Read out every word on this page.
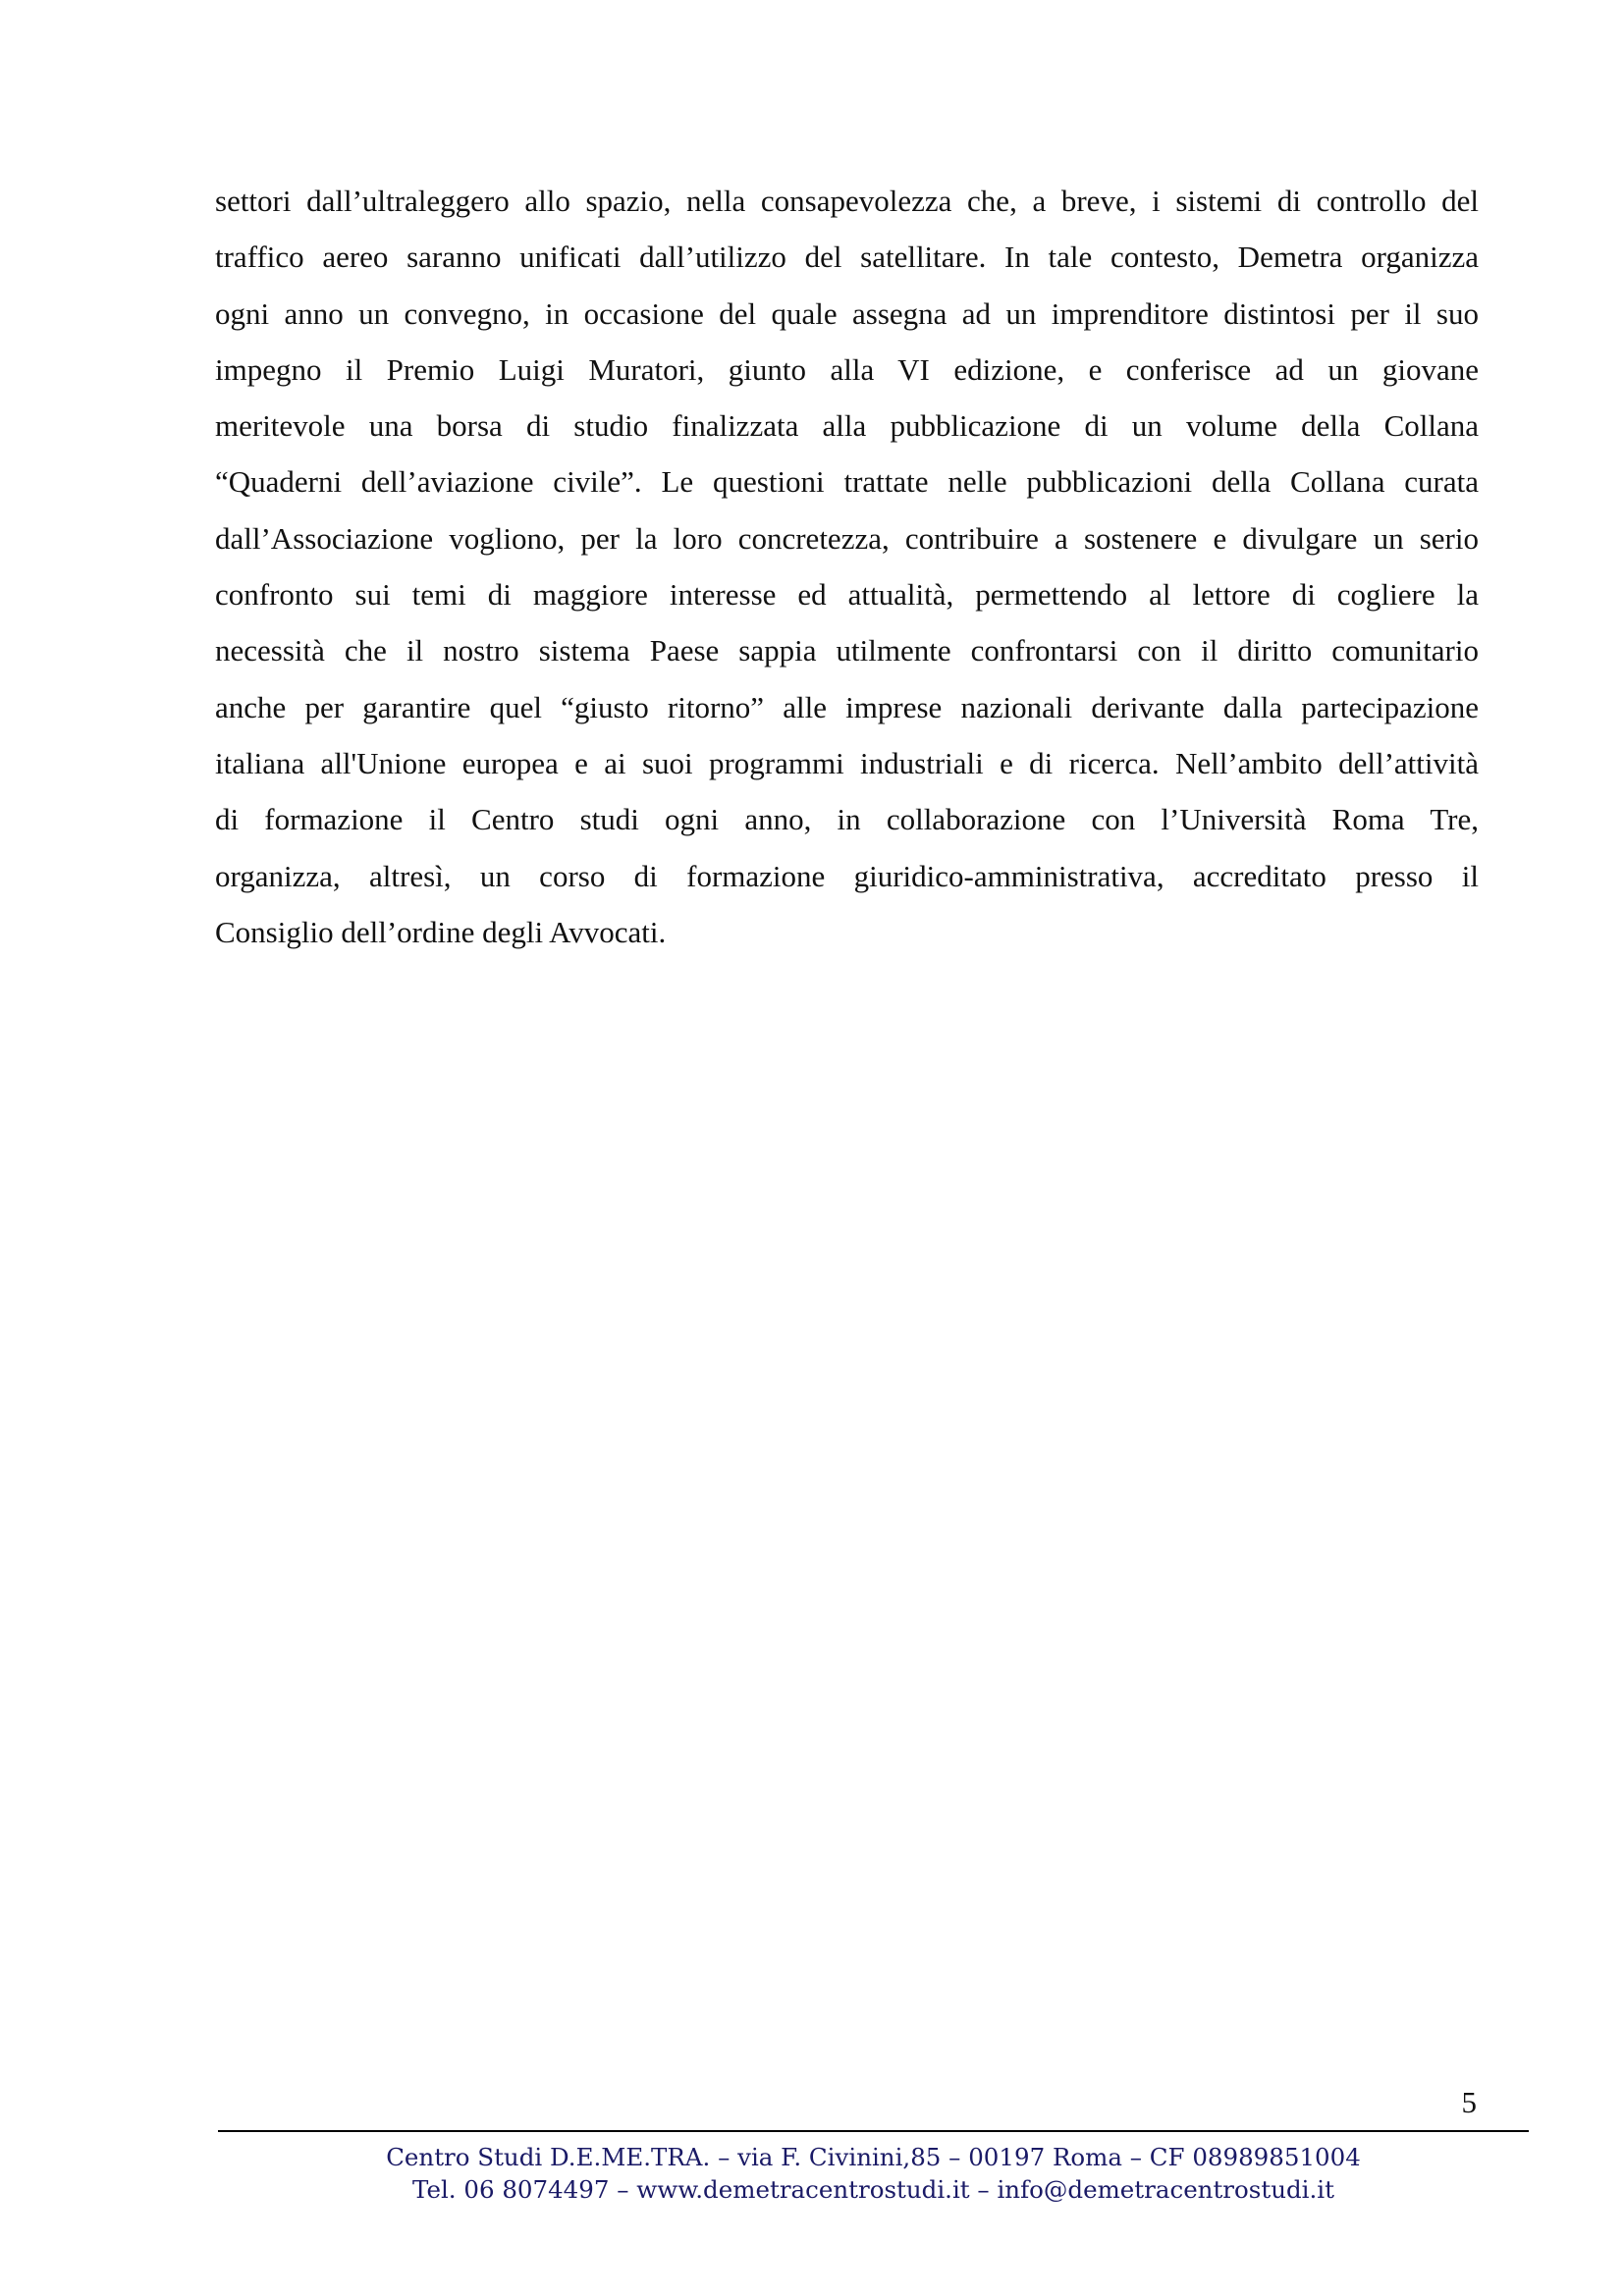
settori dall’ultraleggero allo spazio, nella consapevolezza che, a breve, i sistemi di controllo del
traffico aereo saranno unificati dall’utilizzo del satellitare. In tale contesto, Demetra organizza
ogni anno un convegno, in occasione del quale assegna ad un imprenditore distintosi per il suo
impegno il Premio Luigi Muratori, giunto alla VI edizione, e conferisce ad un giovane
meritevole una borsa di studio finalizzata alla pubblicazione di un volume della Collana
“Quaderni dell’aviazione civile”. Le questioni trattate nelle pubblicazioni della Collana curata
dall’Associazione vogliono, per la loro concretezza, contribuire a sostenere e divulgare un serio
confronto sui temi di maggiore interesse ed attualità, permettendo al lettore di cogliere la
necessità che il nostro sistema Paese sappia utilmente confrontarsi con il diritto comunitario
anche per garantire quel “giusto ritorno” alle imprese nazionali derivante dalla partecipazione
italiana all'Unione europea e ai suoi programmi industriali e di ricerca. Nell’ambito dell’attività
di formazione il Centro studi ogni anno, in collaborazione con l’Università Roma Tre,
organizza, altresì, un corso di formazione giuridico-amministrativa, accreditato presso il
Consiglio dell’ordine degli Avvocati.
5
Centro Studi D.E.ME.TRA. – via F. Civinini,85 – 00197 Roma – CF 08989851004
Tel. 06 8074497 – www.demetracentrostudi.it – info@demetracentrostudi.it
